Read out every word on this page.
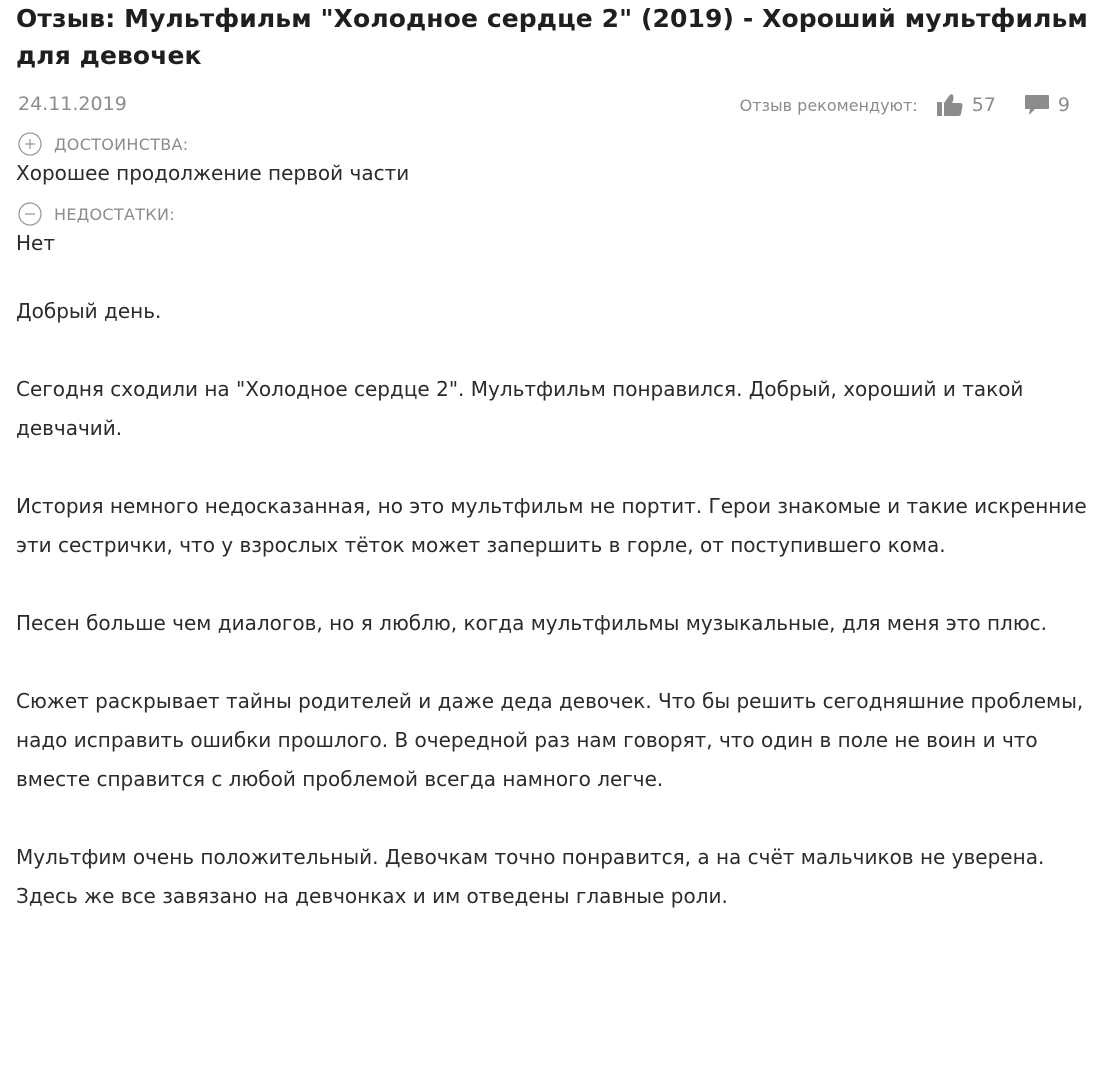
Отзыв: Мультфильм "Холодное сердце 2" (2019) - Хороший мультфильм для девочек
24.11.2019	Отзыв рекомендуют:	57	9
ДОСТОИНСТВА:
Хорошее продолжение первой части
НЕДОСТАТКИ:
Нет

Добрый день.

Сегодня сходили на "Холодное сердце 2". Мультфильм понравился. Добрый, хороший и такой девчачий.

История немного недосказанная, но это мультфильм не портит. Герои знакомые и такие искренние эти сестрички, что у взрослых тёток может запершить в горле, от поступившего кома.

Песен больше чем диалогов, но я люблю, когда мультфильмы музыкальные, для меня это плюс.

Сюжет раскрывает тайны родителей и даже деда девочек. Что бы решить сегодняшние проблемы, надо исправить ошибки прошлого. В очередной раз нам говорят, что один в поле не воин и что вместе справится с любой проблемой всегда намного легче.

Мультфим очень положительный. Девочкам точно понравится, а на счёт мальчиков не уверена. Здесь же все завязано на девчонках и им отведены главные роли.
